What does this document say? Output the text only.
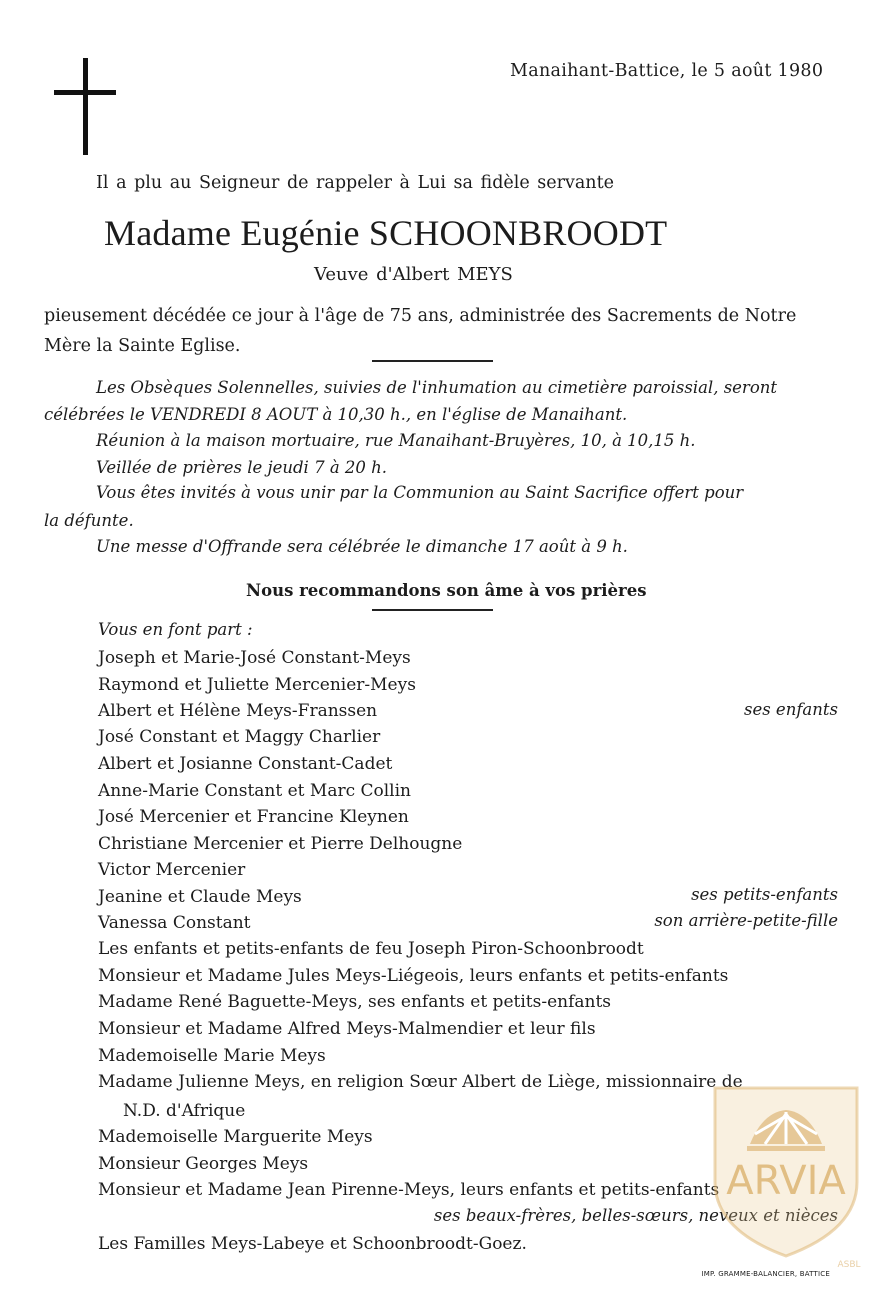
Manaihant-Battice, le 5 août 1980
Il a plu au Seigneur de rappeler à Lui sa fidèle servante
Madame Eugénie SCHOONBROODT
Veuve d'Albert MEYS
pieusement décédée ce jour à l'âge de 75 ans, administrée des Sacrements de Notre
Mère la Sainte Eglise.
Les Obsèques Solennelles, suivies de l'inhumation au cimetière paroissial, seront
célébrées le VENDREDI 8 AOUT à 10,30 h., en l'église de Manaihant.
Réunion à la maison mortuaire, rue Manaihant-Bruyères, 10, à 10,15 h.
Veillée de prières le jeudi 7 à 20 h.
Vous êtes invités à vous unir par la Communion au Saint Sacrifice offert pour
la défunte.
Une messe d'Offrande sera célébrée le dimanche 17 août à 9 h.
Nous recommandons son âme à vos prières
Vous en font part :
Joseph et Marie-José Constant-Meys
Raymond et Juliette Mercenier-Meys
Albert et Hélène Meys-Franssen
José Constant et Maggy Charlier
Albert et Josianne Constant-Cadet
Anne-Marie Constant et Marc Collin
José Mercenier et Francine Kleynen
Christiane Mercenier et Pierre Delhougne
Victor Mercenier
Jeanine et Claude Meys
Vanessa Constant
Les enfants et petits-enfants de feu Joseph Piron-Schoonbroodt
Monsieur et Madame Jules Meys-Liégeois, leurs enfants et petits-enfants
Madame René Baguette-Meys, ses enfants et petits-enfants
Monsieur et Madame Alfred Meys-Malmendier et leur fils
Mademoiselle Marie Meys
Madame Julienne Meys, en religion Sœur Albert de Liège, missionnaire de
N.D. d'Afrique
Mademoiselle Marguerite Meys
Monsieur Georges Meys
Monsieur et Madame Jean Pirenne-Meys, leurs enfants et petits-enfants
Les Familles Meys-Labeye et Schoonbroodt-Goez.
ses enfants
ses petits-enfants
son arrière-petite-fille
ses beaux-frères, belles-sœurs, neveux et nièces
ARVIA
ASBL
IMP. GRAMME-BALANCIER, BATTICE
